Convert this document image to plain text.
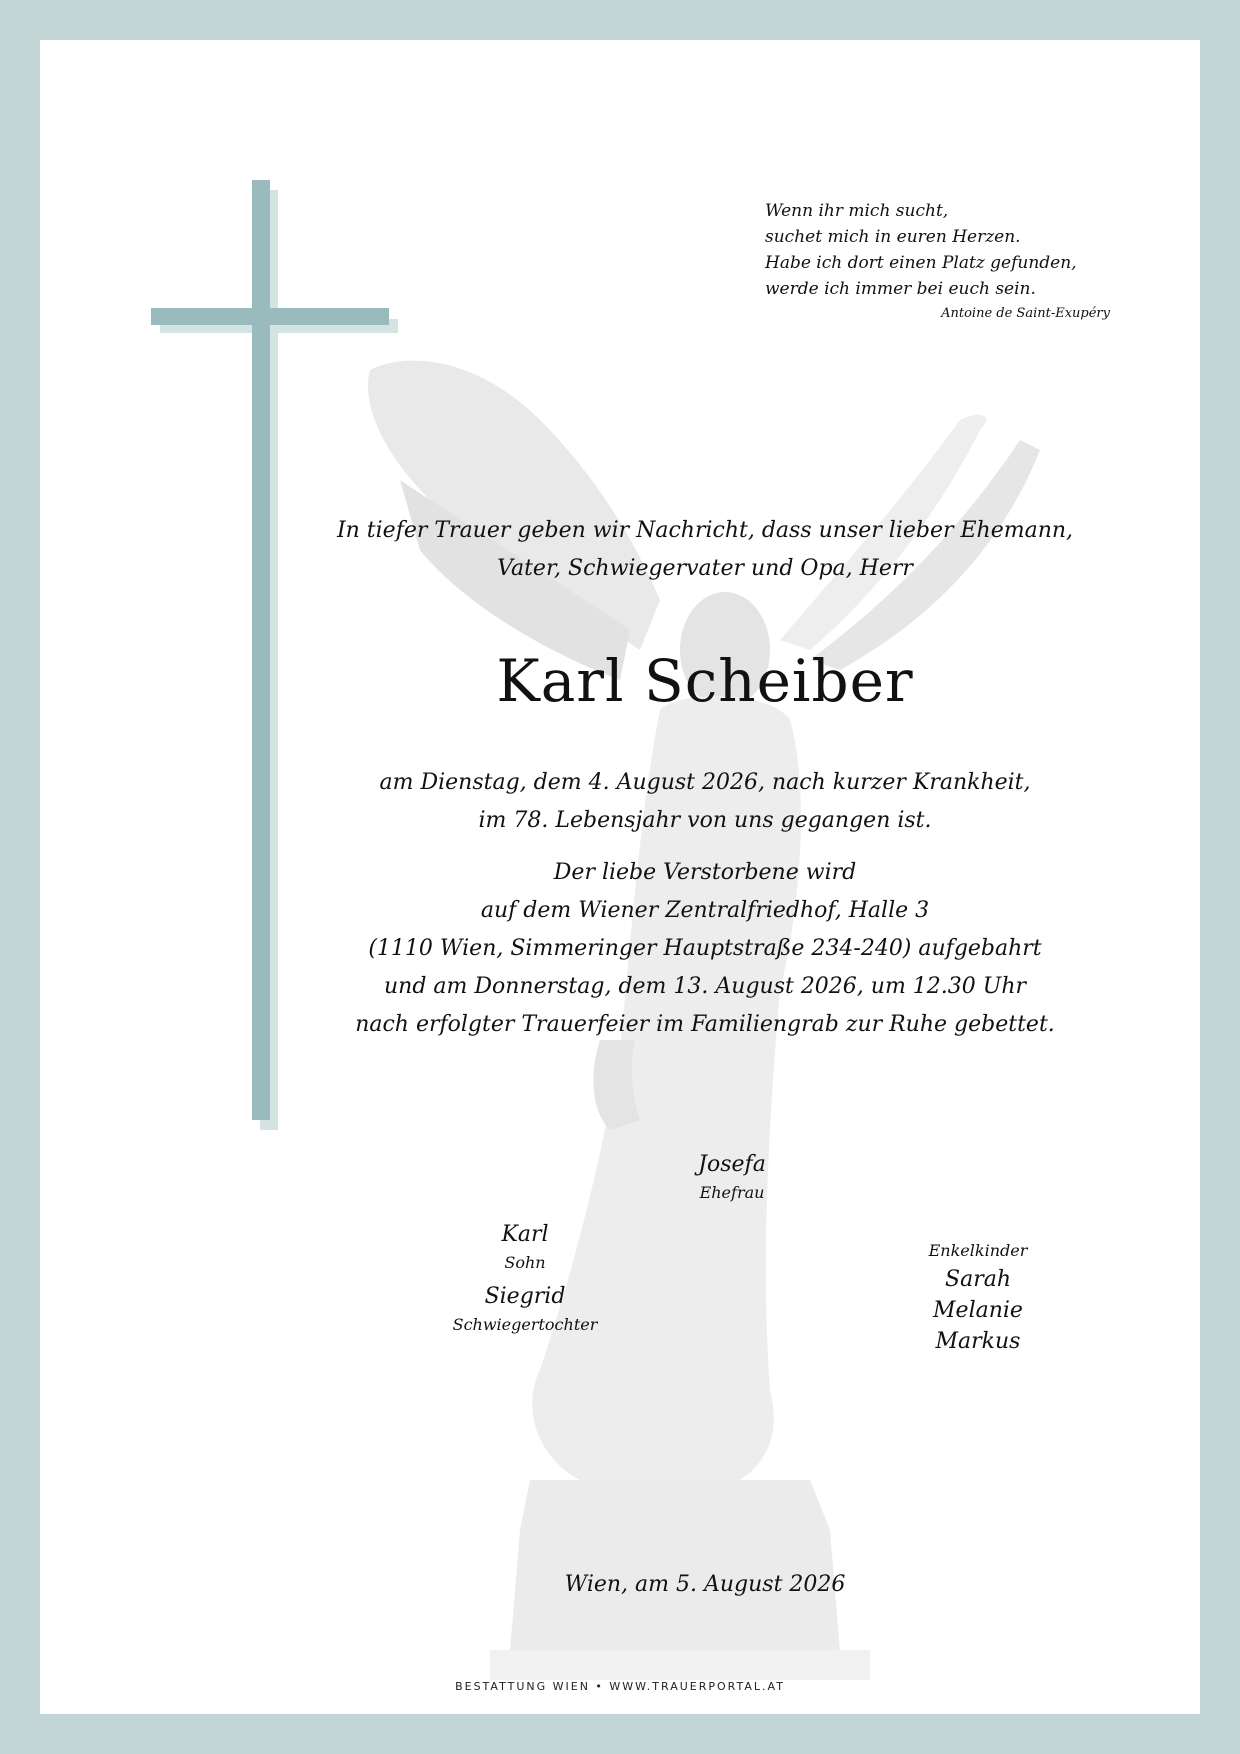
Wenn ihr mich sucht,
suchet mich in euren Herzen.
Habe ich dort einen Platz gefunden,
werde ich immer bei euch sein.
Antoine de Saint-Exupéry
In tiefer Trauer geben wir Nachricht, dass unser lieber Ehemann,
Vater, Schwiegervater und Opa, Herr
Karl Scheiber
am Dienstag, dem 4. August 2026, nach kurzer Krankheit,
im 78. Lebensjahr von uns gegangen ist.
Der liebe Verstorbene wird
auf dem Wiener Zentralfriedhof, Halle 3
(1110 Wien, Simmeringer Hauptstraße 234-240) aufgebahrt
und am Donnerstag, dem 13. August 2026, um 12.30 Uhr
nach erfolgter Trauerfeier im Familiengrab zur Ruhe gebettet.
Josefa
Ehefrau
Karl
Sohn
Siegrid
Schwiegertochter
Enkelkinder
Sarah
Melanie
Markus
Wien, am 5. August 2026
BESTATTUNG WIEN • WWW.TRAUERPORTAL.AT
